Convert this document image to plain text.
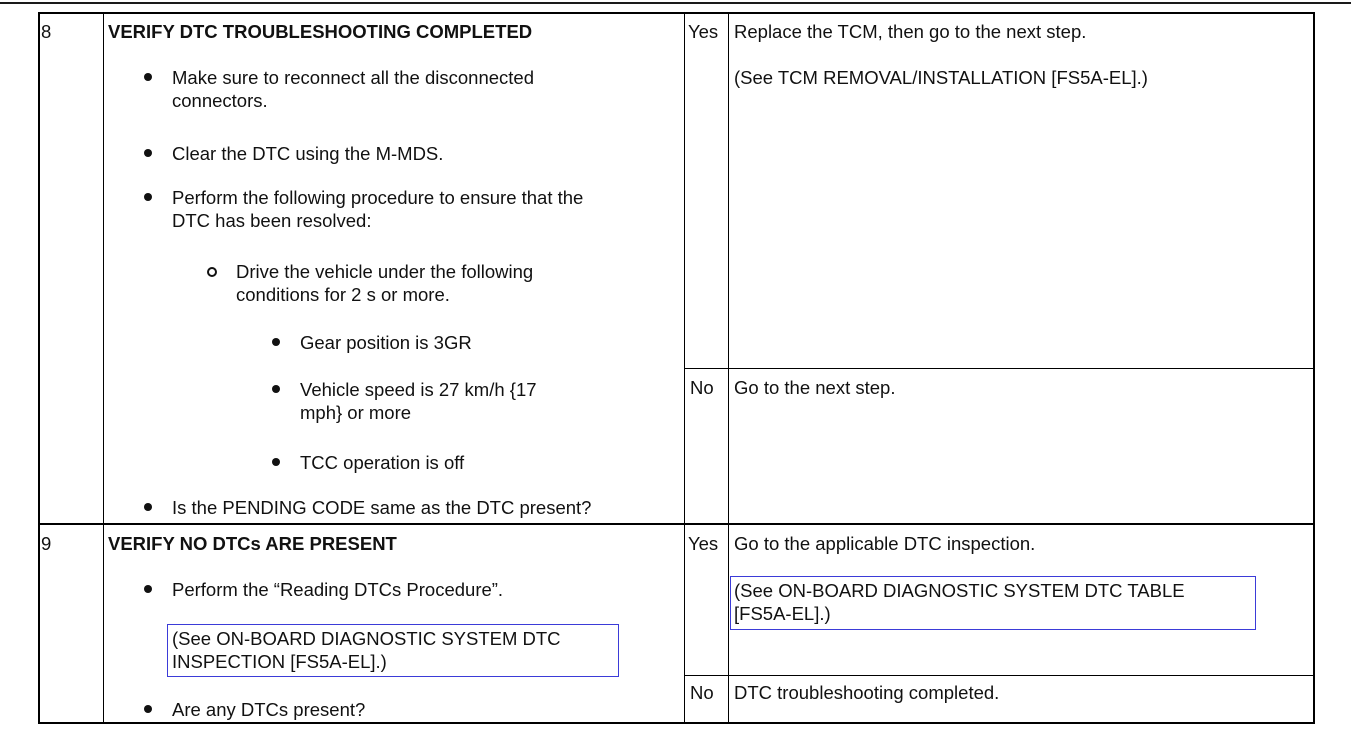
8	VERIFY DTC TROUBLESHOOTING COMPLETED
Make sure to reconnect all the disconnected
connectors.
Clear the DTC using the M-MDS.
Perform the following procedure to ensure that the
DTC has been resolved:
Drive the vehicle under the following
conditions for 2 s or more.
Gear position is 3GR
Vehicle speed is 27 km/h {17
mph} or more
TCC operation is off
Is the PENDING CODE same as the DTC present?
Yes Replace the TCM, then go to the next step.
(See TCM REMOVAL/INSTALLATION [FS5A-EL].)
No Go to the next step.
9	VERIFY NO DTCs ARE PRESENT
Perform the “Reading DTCs Procedure”.
(See ON-BOARD DIAGNOSTIC SYSTEM DTC
INSPECTION [FS5A-EL].)
Are any DTCs present?
Yes Go to the applicable DTC inspection.
(See ON-BOARD DIAGNOSTIC SYSTEM DTC TABLE
[FS5A-EL].)
No DTC troubleshooting completed.
